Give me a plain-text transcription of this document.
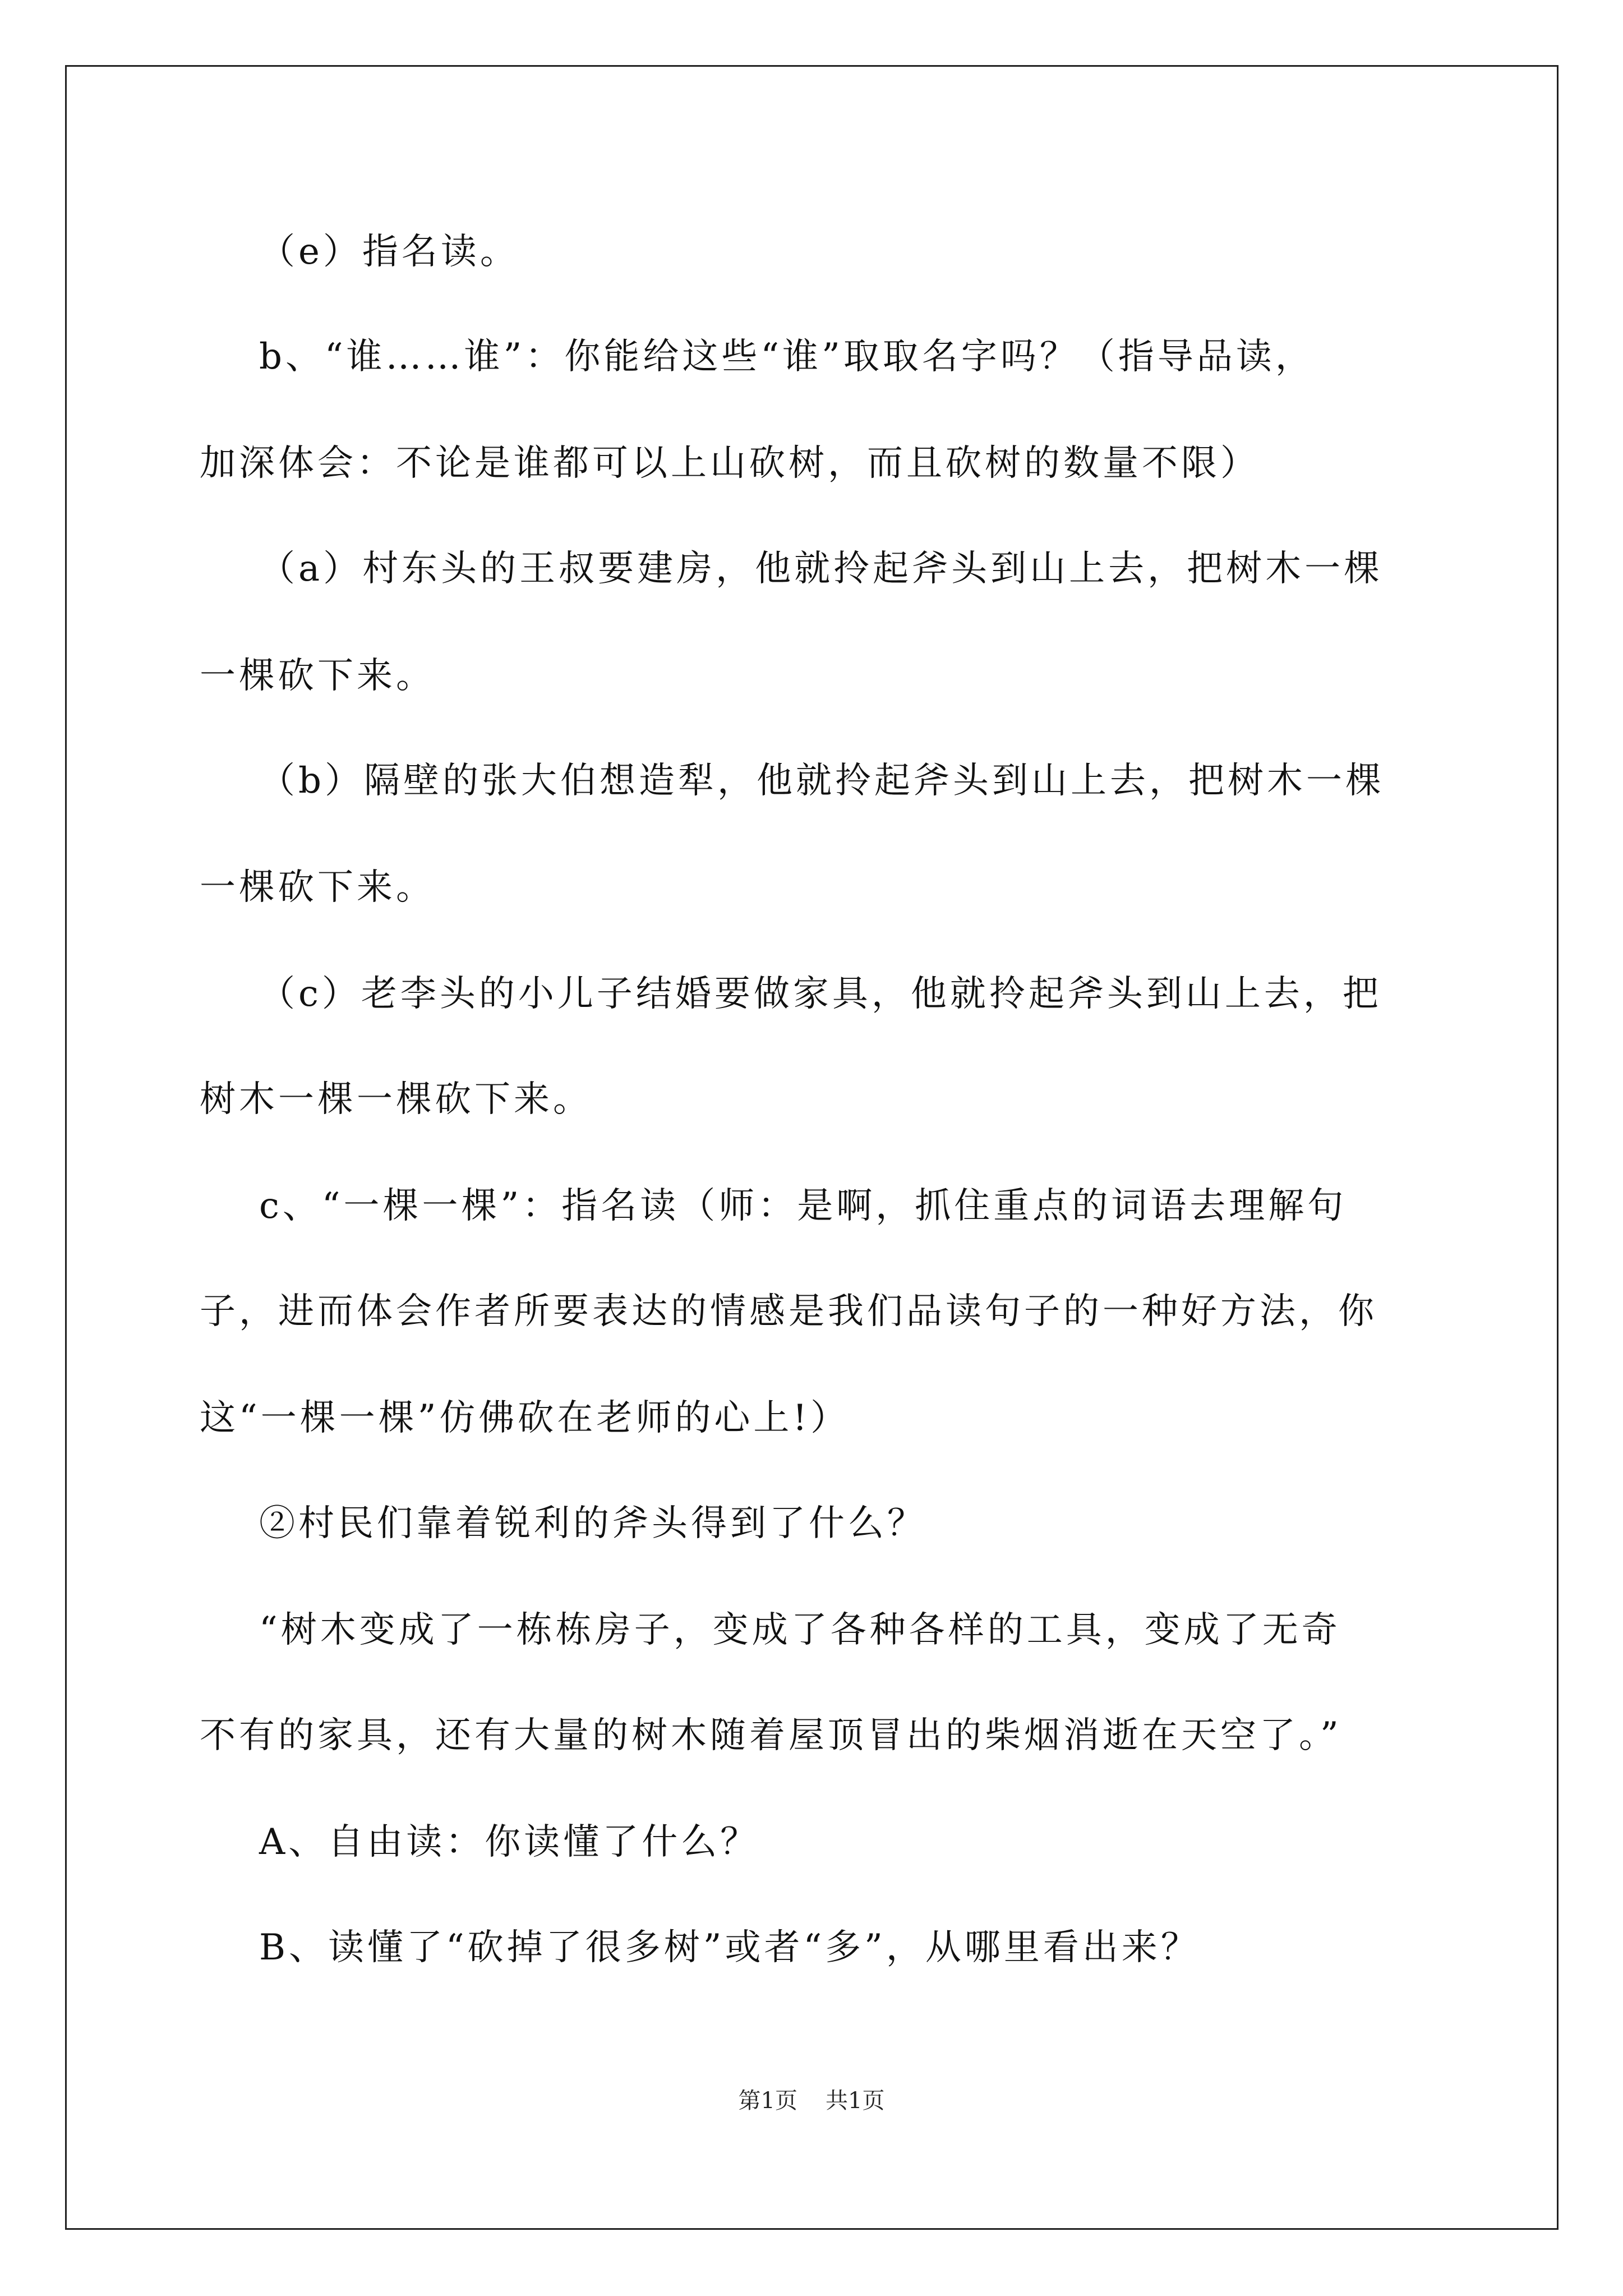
（e）指名读。
b、“谁……谁”：你能给这些“谁”取取名字吗？（指导品读，
加深体会：不论是谁都可以上山砍树，而且砍树的数量不限）
（a）村东头的王叔要建房，他就拎起斧头到山上去，把树木一棵
一棵砍下来。
（b）隔壁的张大伯想造犁，他就拎起斧头到山上去，把树木一棵
一棵砍下来。
（c）老李头的小儿子结婚要做家具，他就拎起斧头到山上去，把
树木一棵一棵砍下来。
c、“一棵一棵”：指名读（师：是啊，抓住重点的词语去理解句
子，进而体会作者所要表达的情感是我们品读句子的一种好方法，你
这“一棵一棵”仿佛砍在老师的心上!）
②村民们靠着锐利的斧头得到了什么？
“树木变成了一栋栋房子，变成了各种各样的工具，变成了无奇
不有的家具，还有大量的树木随着屋顶冒出的柴烟消逝在天空了。”
A、自由读：你读懂了什么？
B、读懂了“砍掉了很多树”或者“多”，从哪里看出来？
第1页 共1页
